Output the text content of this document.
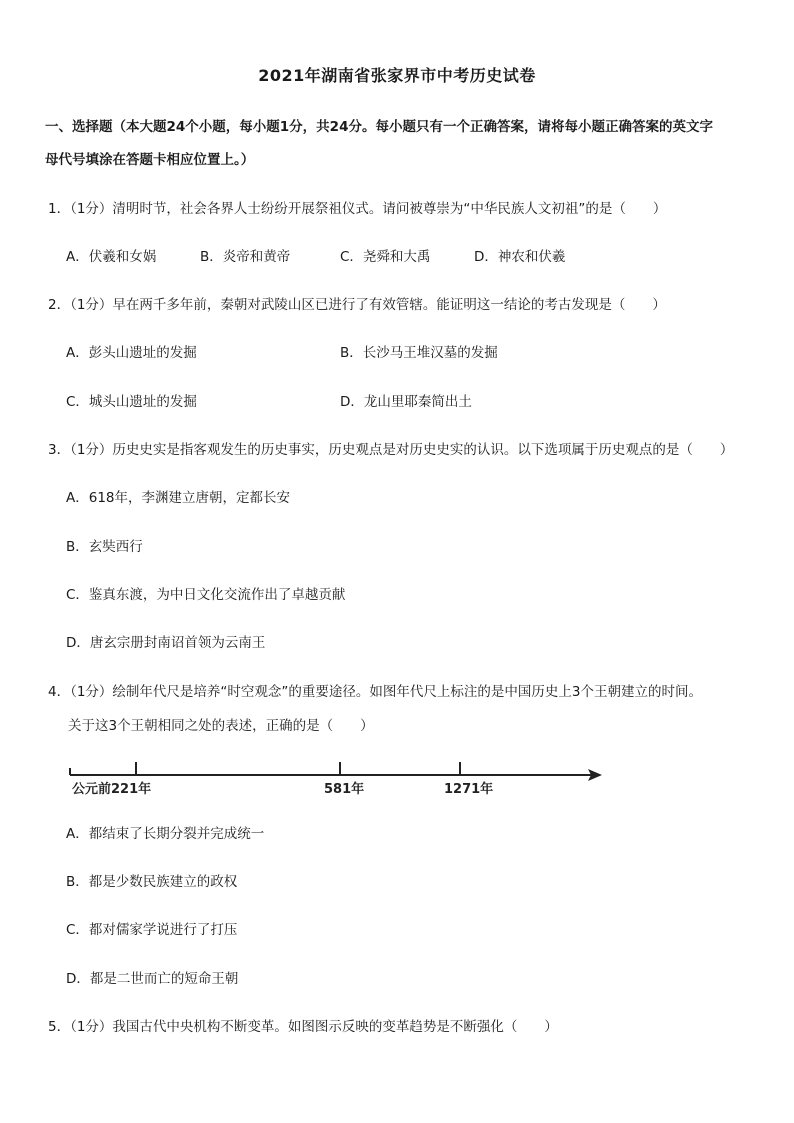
2021年湖南省张家界市中考历史试卷
一、选择题（本大题24个小题，每小题1分，共24分。每小题只有一个正确答案，请将每小题正确答案的英文字
母代号填涂在答题卡相应位置上。）
1．（1分）清明时节，社会各界人士纷纷开展祭祖仪式。请问被尊崇为“中华民族人文初祖”的是（　　）
A．伏羲和女娲	B．炎帝和黄帝	C．尧舜和大禹	D．神农和伏羲
2．（1分）早在两千多年前，秦朝对武陵山区已进行了有效管辖。能证明这一结论的考古发现是（　　）
A．彭头山遗址的发掘	B．长沙马王堆汉墓的发掘
C．城头山遗址的发掘	D．龙山里耶秦简出土
3．（1分）历史史实是指客观发生的历史事实，历史观点是对历史史实的认识。以下选项属于历史观点的是（　　）
A．618年，李渊建立唐朝，定都长安
B．玄奘西行
C．鉴真东渡，为中日文化交流作出了卓越贡献
D．唐玄宗册封南诏首领为云南王
4．（1分）绘制年代尺是培养“时空观念”的重要途径。如图年代尺上标注的是中国历史上3个王朝建立的时间。
关于这3个王朝相同之处的表述，正确的是（　　）
公元前221年	581年	1271年
A．都结束了长期分裂并完成统一
B．都是少数民族建立的政权
C．都对儒家学说进行了打压
D．都是二世而亡的短命王朝
5．（1分）我国古代中央机构不断变革。如图图示反映的变革趋势是不断强化（　　）
